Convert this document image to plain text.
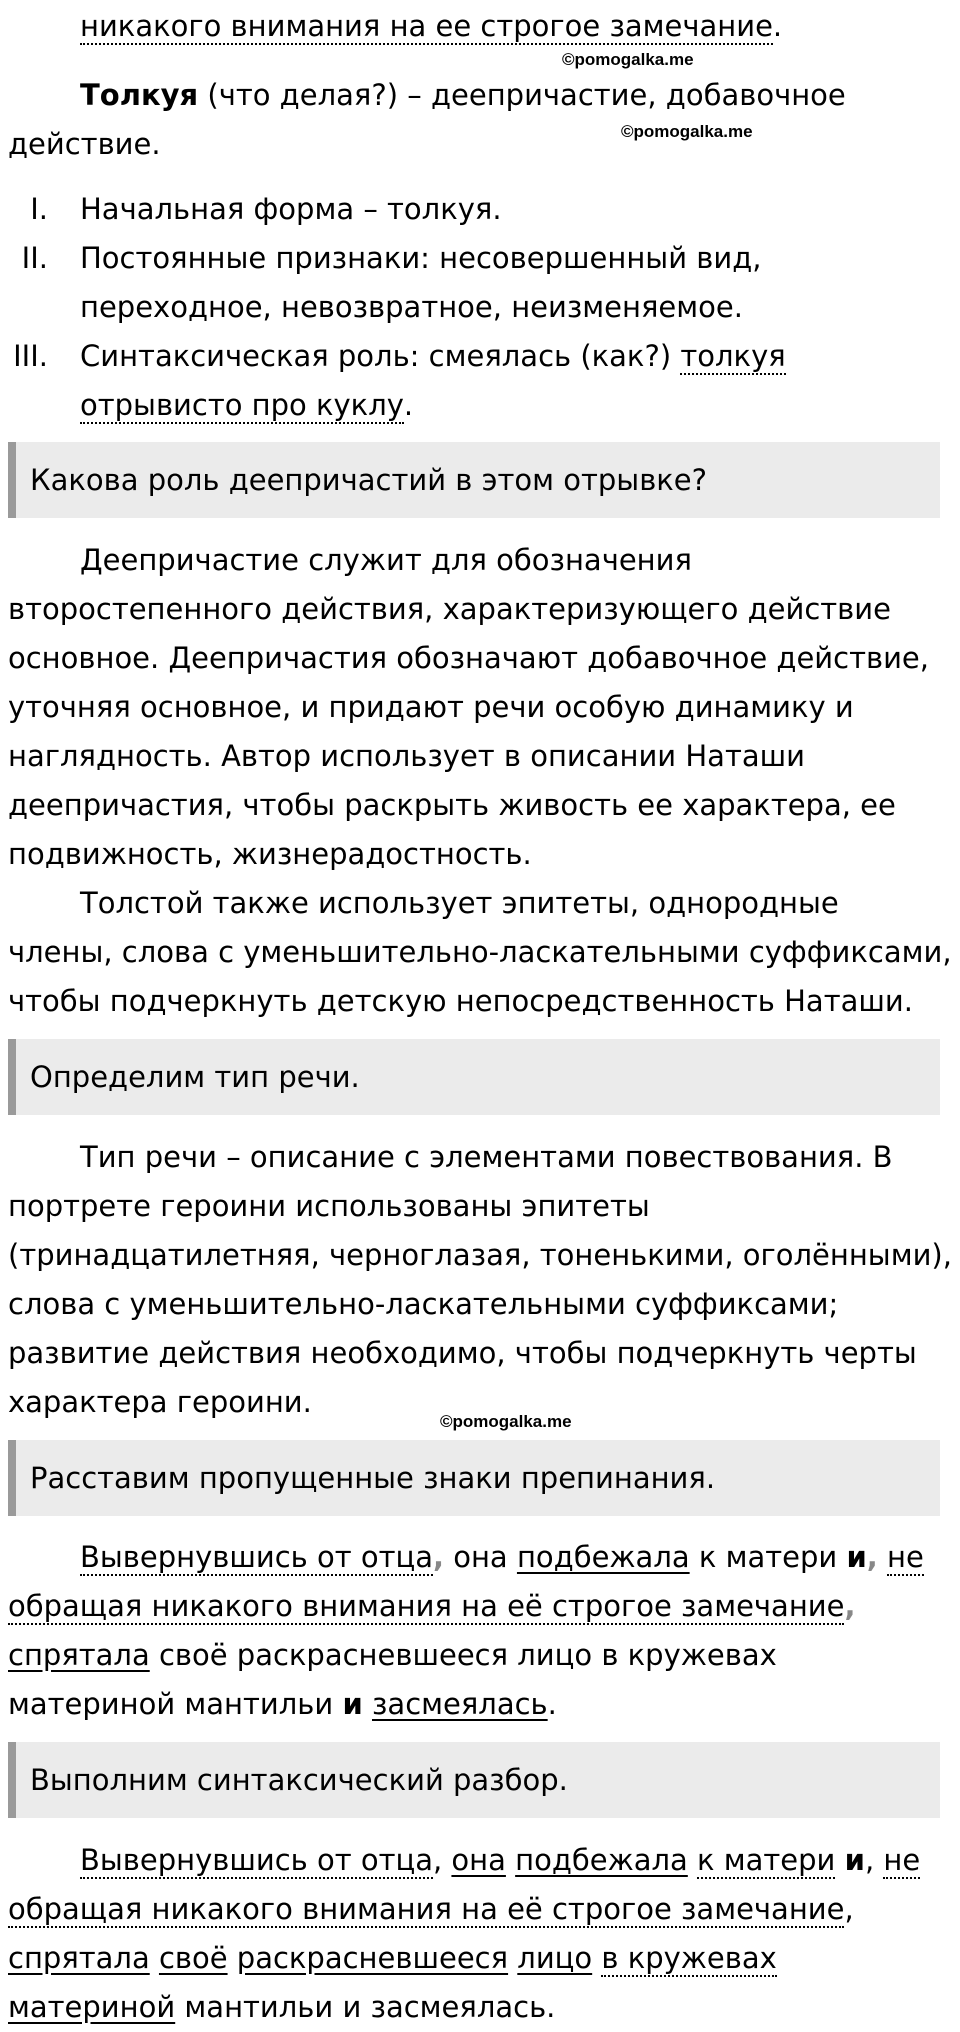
никакого внимания на ее строгое замечание.

©pomogalka.me

Толкуя (что делая?) – деепричастие, добавочное действие.	©pomogalka.me
I. Начальная форма – толкуя.
II. Постоянные признаки: несовершенный вид, переходное, невозвратное, неизменяемое.
III. Синтаксическая роль: смеялась (как?) толкуя отрывисто про куклу.
Какова роль деепричастий в этом отрывке?

Деепричастие служит для обозначения второстепенного действия, характеризующего действие основное. Деепричастия обозначают добавочное действие, уточняя основное, и придают речи особую динамику и наглядность. Автор использует в описании Наташи деепричастия, чтобы раскрыть живость ее характера, ее подвижность, жизнерадостность.

Толстой также использует эпитеты, однородные члены, слова с уменьшительно-ласкательными суффиксами, чтобы подчеркнуть детскую непосредственность Наташи.

Определим тип речи.

Тип речи – описание с элементами повествования. В портрете героини использованы эпитеты (тринадцатилетняя, черноглазая, тоненькими, оголёнными), слова с уменьшительно-ласкательными суффиксами; развитие действия необходимо, чтобы подчеркнуть черты характера героини.

©pomogalka.me
Расставим пропущенные знаки препинания.

Вывернувшись от отца, она подбежала к матери и, не обращая никакого внимания на её строгое замечание, спрятала своё раскрасневшееся лицо в кружевах материной мантильи и засмеялась.

Выполним синтаксический разбор.

Вывернувшись от отца, она подбежала к матери и, не обращая никакого внимания на её строгое замечание, спрятала своё раскрасневшееся лицо в кружевах материной мантильи и засмеялась.
